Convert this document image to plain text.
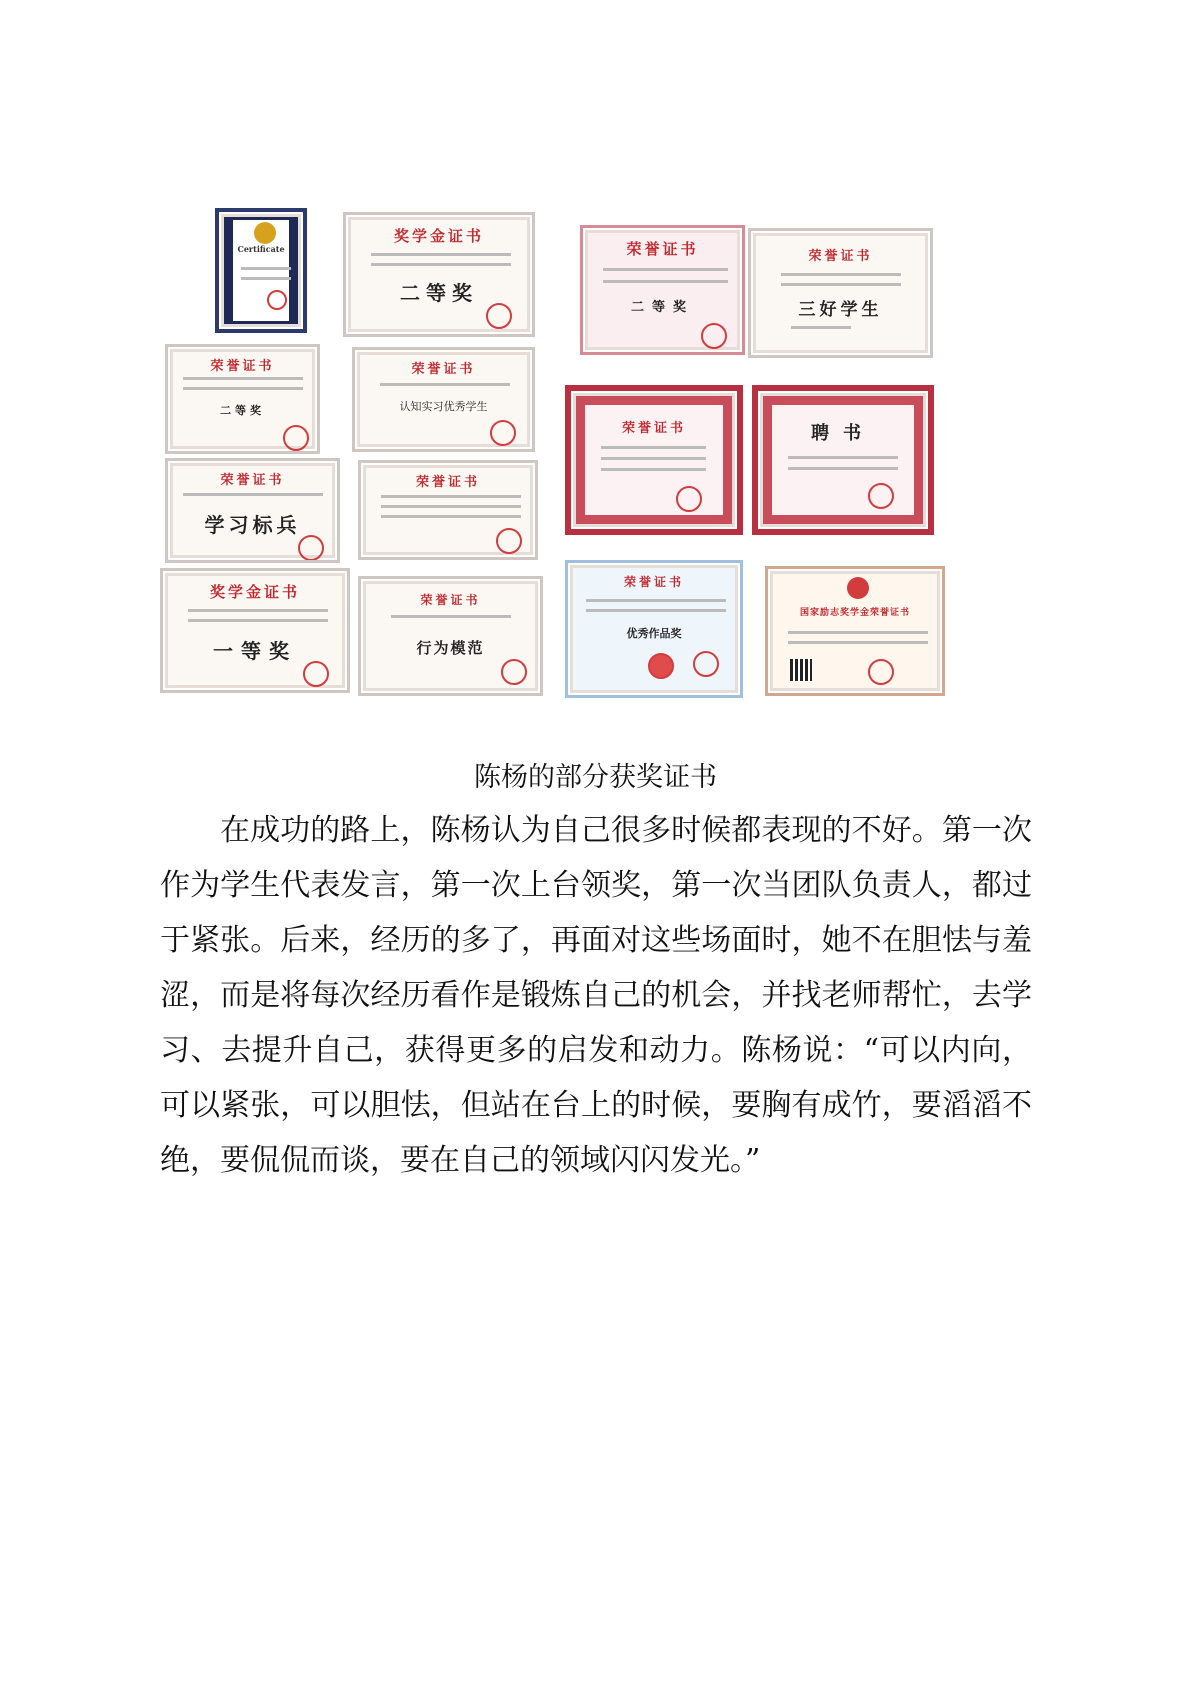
Certificate
奖学金证书
二等奖
荣誉证书
二等奖
荣誉证书
三好学生
荣誉证书
二等奖
荣誉证书
认知实习优秀学生
荣誉证书	聘书
荣誉证书
学习标兵
荣誉证书
奖学金证书
一等奖
荣誉证书
行为模范
荣誉证书
优秀作品奖
国家励志奖学金荣誉证书
陈杨的部分获奖证书

在成功的路上，陈杨认为自己很多时候都表现的不好。第一次作为学生代表发言，第一次上台领奖，第一次当团队负责人，都过于紧张。后来，经历的多了，再面对这些场面时，她不在胆怯与羞涩，而是将每次经历看作是锻炼自己的机会，并找老师帮忙，去学习、去提升自己，获得更多的启发和动力。陈杨说：“可以内向，可以紧张，可以胆怯，但站在台上的时候，要胸有成竹，要滔滔不绝，要侃侃而谈，要在自己的领域闪闪发光。”
